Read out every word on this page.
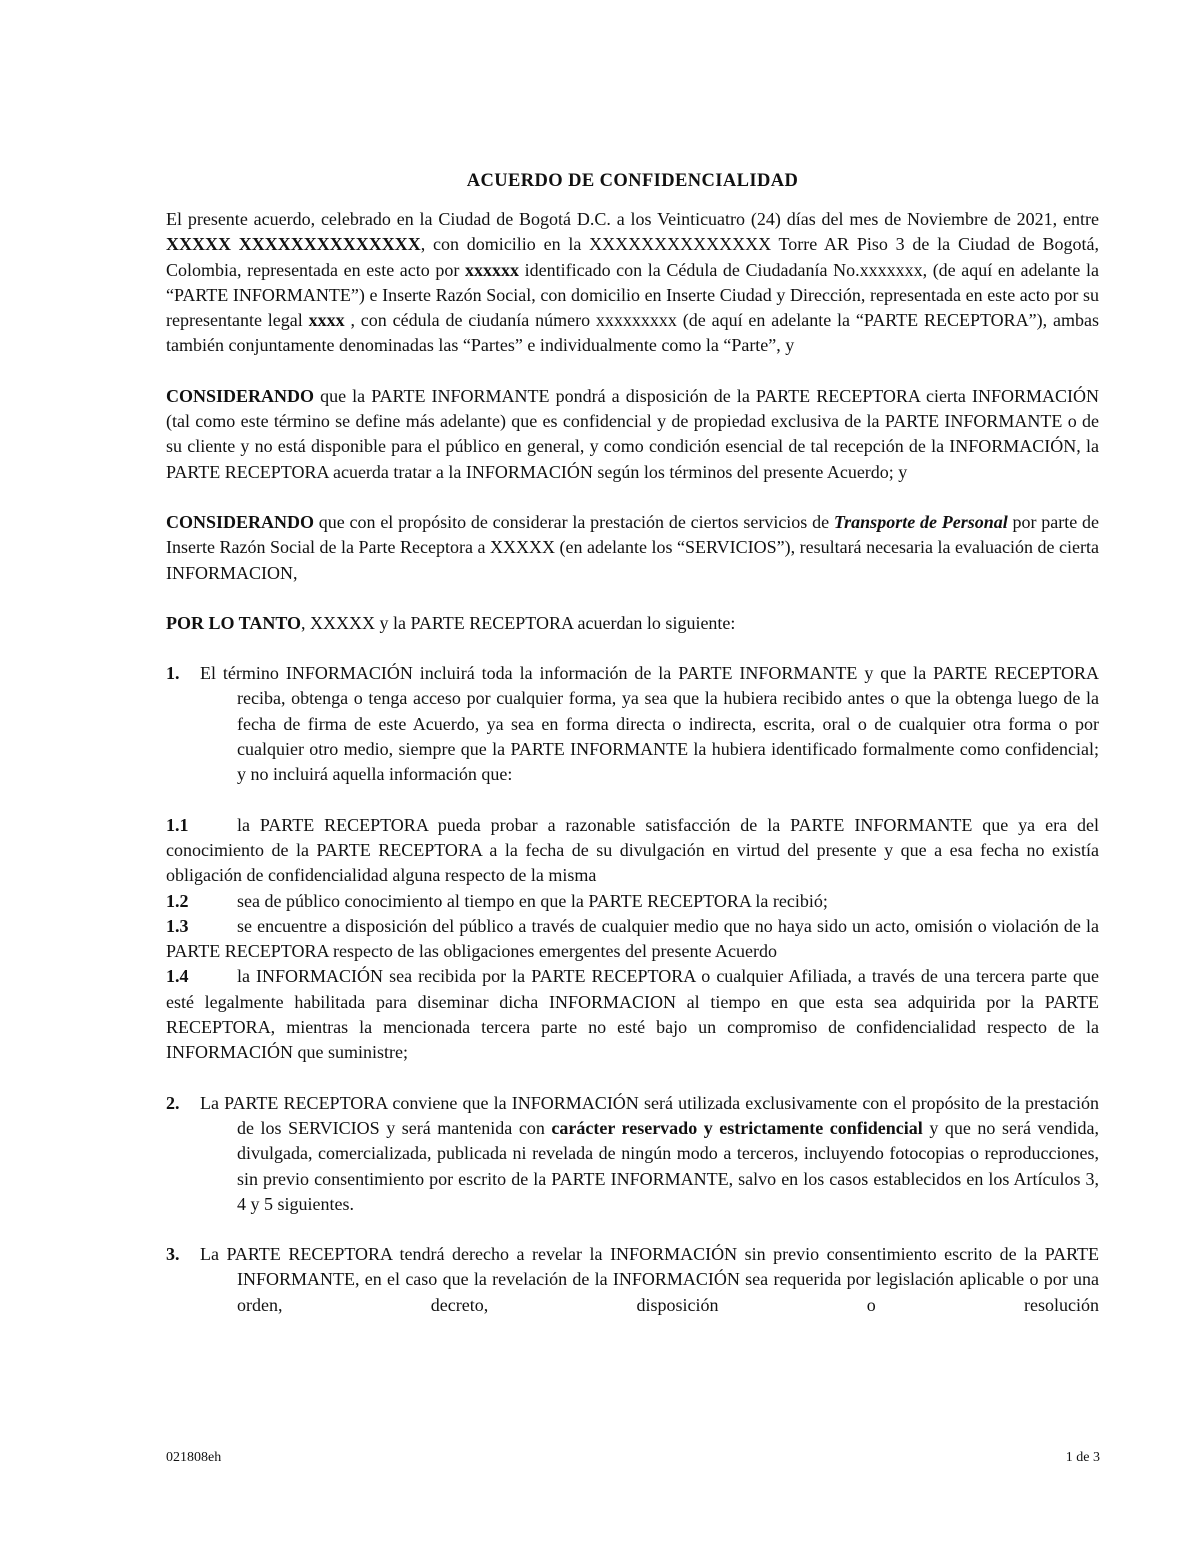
ACUERDO DE CONFIDENCIALIDAD

El presente acuerdo, celebrado en la Ciudad de Bogotá D.C. a los Veinticuatro (24) días del mes de Noviembre de 2021, entre XXXXX XXXXXXXXXXXXXX, con domicilio en la XXXXXXXXXXXXXX Torre AR Piso 3 de la Ciudad de Bogotá, Colombia, representada en este acto por xxxxxx identificado con la Cédula de Ciudadanía No.xxxxxxx, (de aquí en adelante la “PARTE INFORMANTE”) e Inserte Razón Social, con domicilio en Inserte Ciudad y Dirección, representada en este acto por su representante legal xxxx , con cédula de ciudanía número xxxxxxxxx (de aquí en adelante la “PARTE RECEPTORA”), ambas también conjuntamente denominadas las “Partes” e individualmente como la “Parte”, y

CONSIDERANDO que la PARTE INFORMANTE pondrá a disposición de la PARTE RECEPTORA cierta INFORMACIÓN (tal como este término se define más adelante) que es confidencial y de propiedad exclusiva de la PARTE INFORMANTE o de su cliente y no está disponible para el público en general, y como condición esencial de tal recepción de la INFORMACIÓN, la PARTE RECEPTORA acuerda tratar a la INFORMACIÓN según los términos del presente Acuerdo; y

CONSIDERANDO que con el propósito de considerar la prestación de ciertos servicios de Transporte de Personal por parte de Inserte Razón Social de la Parte Receptora a XXXXX (en adelante los “SERVICIOS”), resultará necesaria la evaluación de cierta INFORMACION,

POR LO TANTO, XXXXX y la PARTE RECEPTORA acuerdan lo siguiente:

1. El término INFORMACIÓN incluirá toda la información de la PARTE INFORMANTE y que la PARTE RECEPTORA reciba, obtenga o tenga acceso por cualquier forma, ya sea que la hubiera recibido antes o que la obtenga luego de la fecha de firma de este Acuerdo, ya sea en forma directa o indirecta, escrita, oral o de cualquier otra forma o por cualquier otro medio, siempre que la PARTE INFORMANTE la hubiera identificado formalmente como confidencial; y no incluirá aquella información que:

1.1	la PARTE RECEPTORA pueda probar a razonable satisfacción de la PARTE INFORMANTE que ya era del conocimiento de la PARTE RECEPTORA a la fecha de su divulgación en virtud del presente y que a esa fecha no existía obligación de confidencialidad alguna respecto de la misma

1.2	sea de público conocimiento al tiempo en que la PARTE RECEPTORA la recibió;

1.3	se encuentre a disposición del público a través de cualquier medio que no haya sido un acto, omisión o violación de la PARTE RECEPTORA respecto de las obligaciones emergentes del presente Acuerdo

1.4	la INFORMACIÓN sea recibida por la PARTE RECEPTORA o cualquier Afiliada, a través de una tercera parte que esté legalmente habilitada para diseminar dicha INFORMACION al tiempo en que esta sea adquirida por la PARTE RECEPTORA, mientras la mencionada tercera parte no esté bajo un compromiso de confidencialidad respecto de la INFORMACIÓN que suministre;

2. La PARTE RECEPTORA conviene que la INFORMACIÓN será utilizada exclusivamente con el propósito de la prestación de los SERVICIOS y será mantenida con carácter reservado y estrictamente confidencial y que no será vendida, divulgada, comercializada, publicada ni revelada de ningún modo a terceros, incluyendo fotocopias o reproducciones, sin previo consentimiento por escrito de la PARTE INFORMANTE, salvo en los casos establecidos en los Artículos 3, 4 y 5 siguientes.

3. La PARTE RECEPTORA tendrá derecho a revelar la INFORMACIÓN sin previo consentimiento escrito de la PARTE INFORMANTE, en el caso que la revelación de la INFORMACIÓN sea requerida por legislación aplicable o por una orden, decreto, disposición o resolución

021808eh	1 de 3
